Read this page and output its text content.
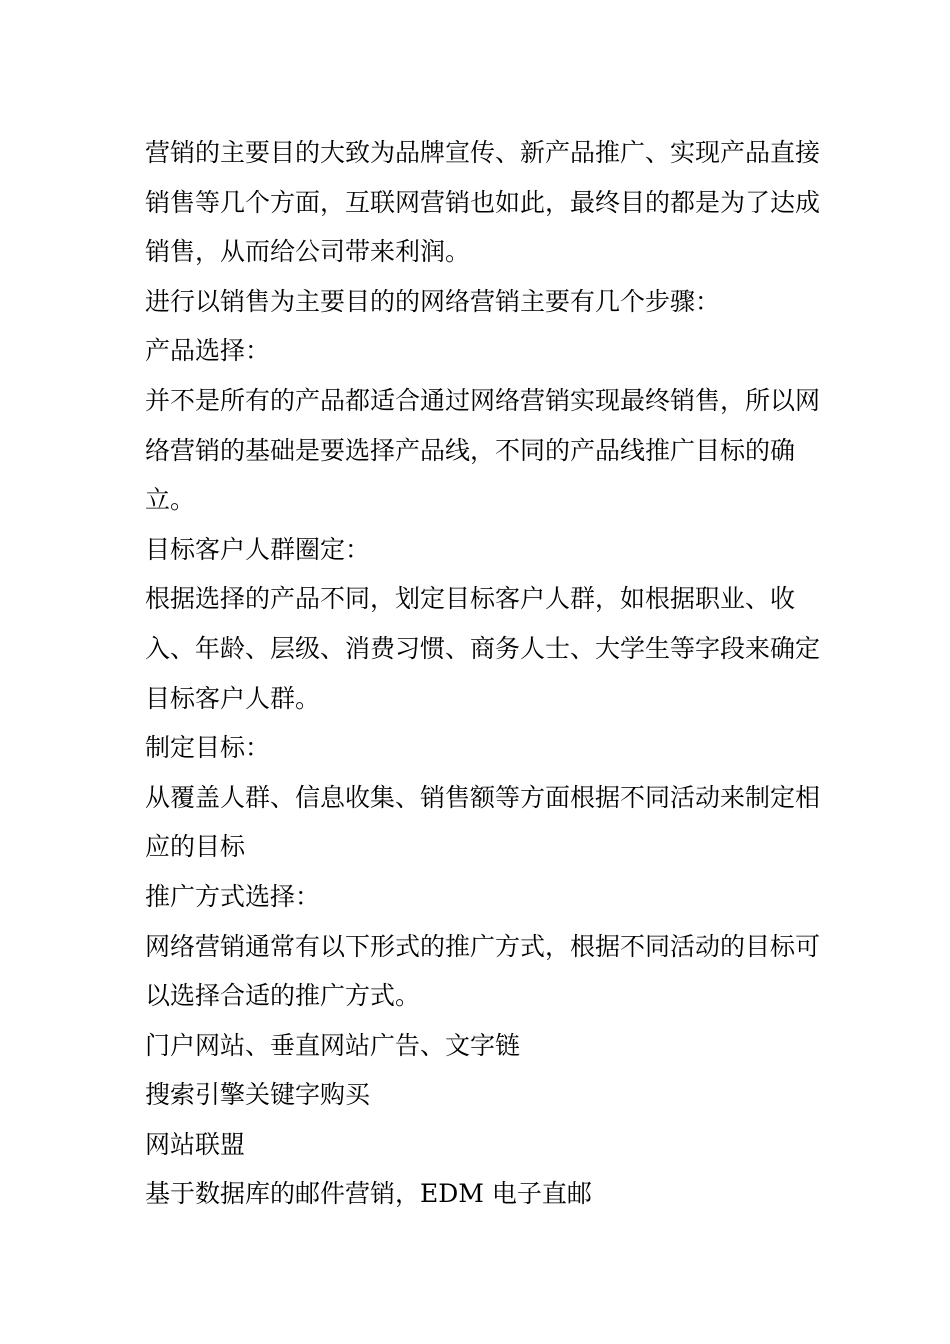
营销的主要目的大致为品牌宣传、新产品推广、实现产品直接销售等几个方面，互联网营销也如此，最终目的都是为了达成销售，从而给公司带来利润。

进行以销售为主要目的的网络营销主要有几个步骤：

产品选择：

并不是所有的产品都适合通过网络营销实现最终销售，所以网络营销的基础是要选择产品线，不同的产品线推广目标的确立。

目标客户人群圈定：

根据选择的产品不同，划定目标客户人群，如根据职业、收入、年龄、层级、消费习惯、商务人士、大学生等字段来确定目标客户人群。

制定目标：

从覆盖人群、信息收集、销售额等方面根据不同活动来制定相应的目标

推广方式选择：

网络营销通常有以下形式的推广方式，根据不同活动的目标可以选择合适的推广方式。

门户网站、垂直网站广告、文字链

搜索引擎关键字购买

网站联盟

基于数据库的邮件营销，EDM 电子直邮
